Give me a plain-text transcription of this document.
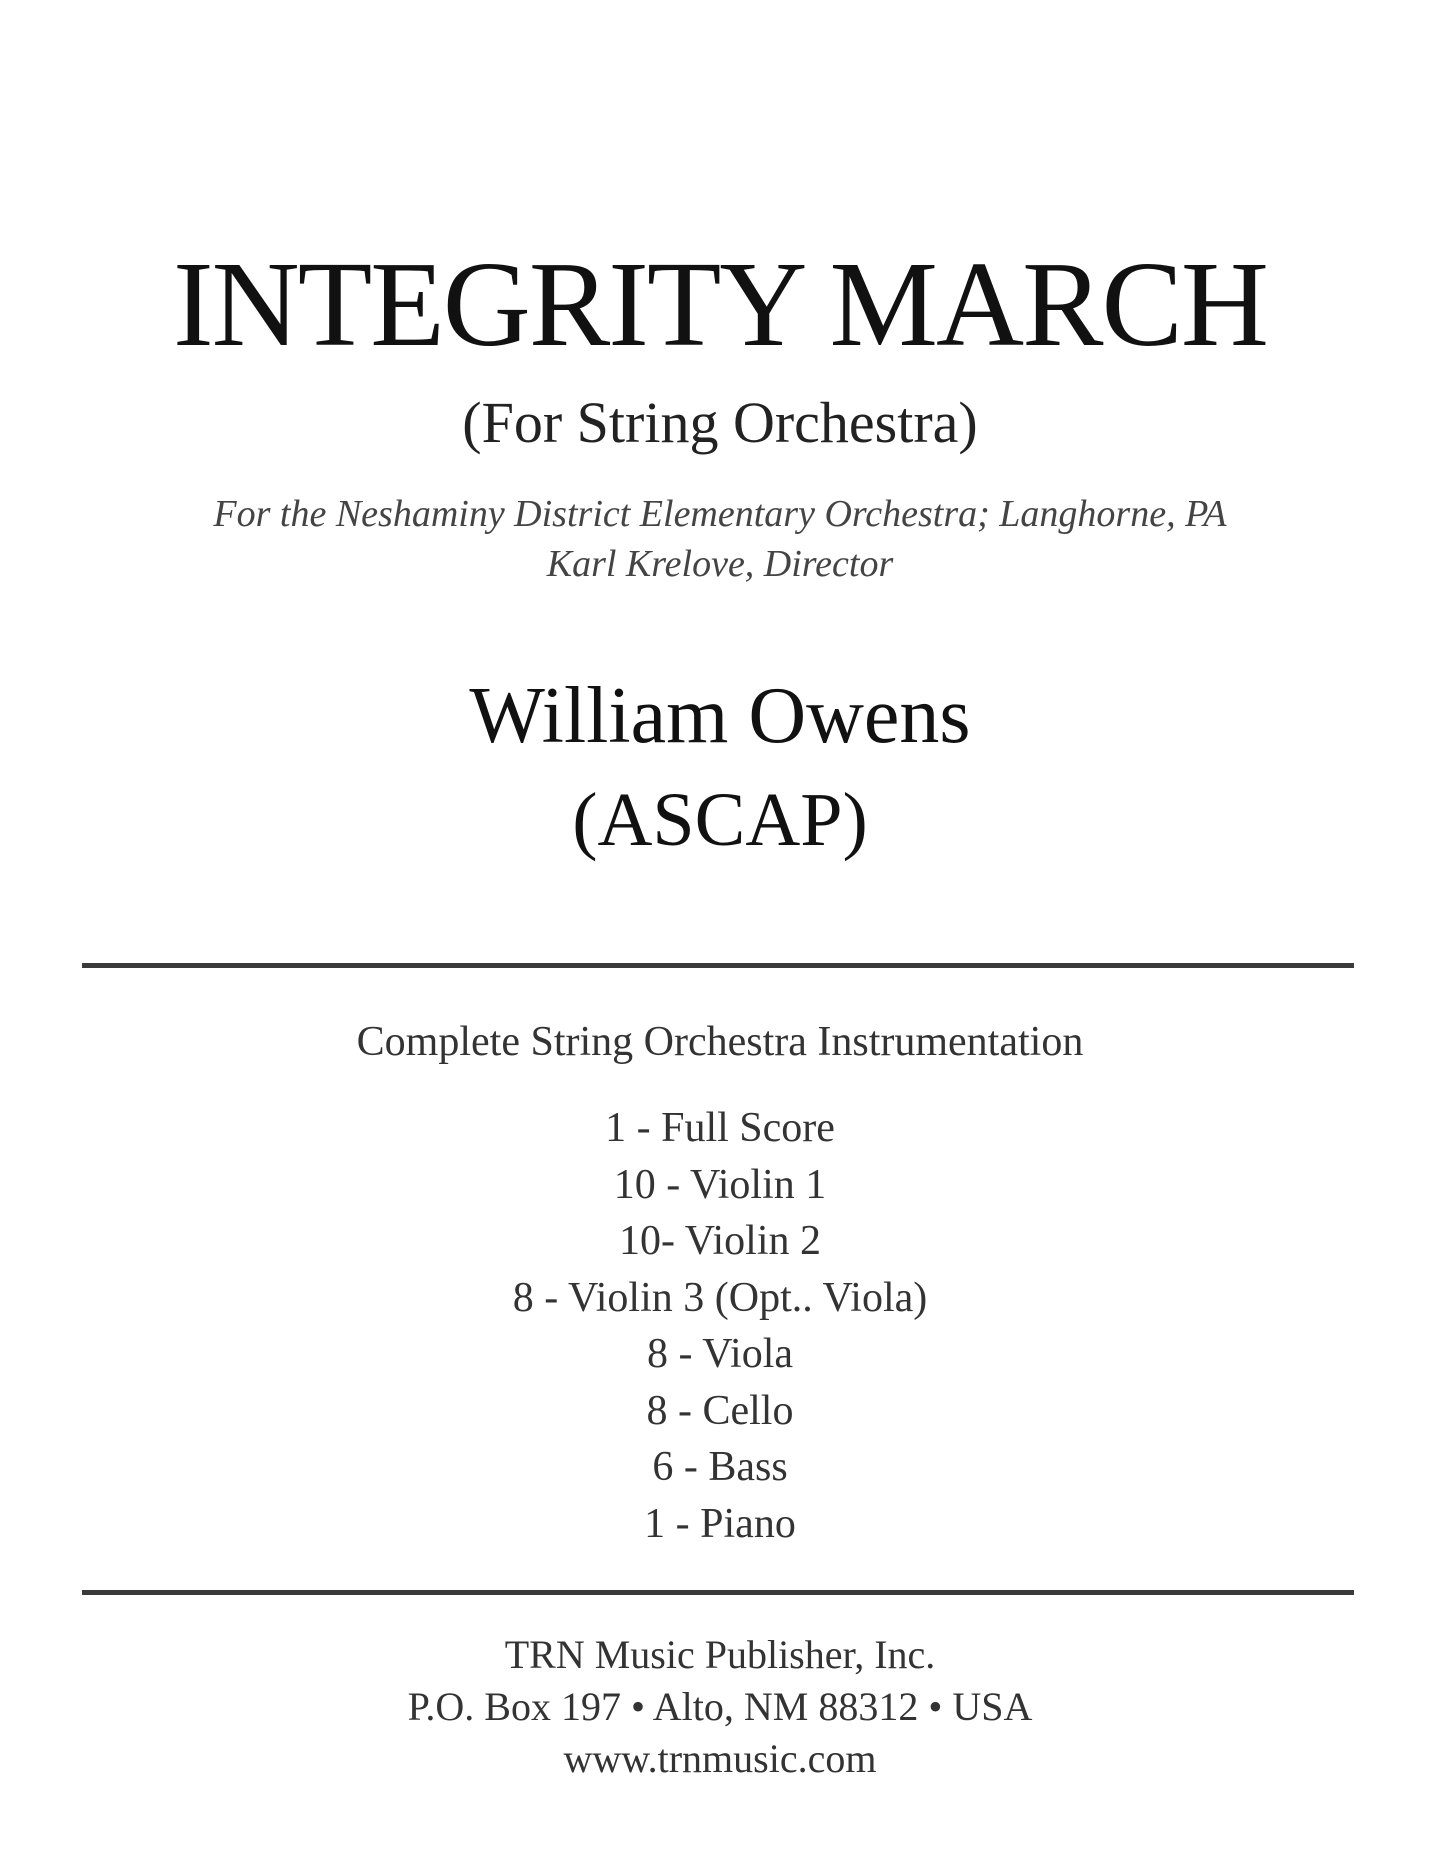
INTEGRITY MARCH
(For String Orchestra)
For the Neshaminy District Elementary Orchestra; Langhorne, PA
Karl Krelove, Director
William Owens
(ASCAP)
Complete String Orchestra Instrumentation
1 - Full Score
10 - Violin 1
10- Violin 2
8 - Violin 3 (Opt.. Viola)
8 - Viola
8 - Cello
6 - Bass
1 - Piano
TRN Music Publisher, Inc.
P.O. Box 197 • Alto, NM 88312 • USA
www.trnmusic.com
